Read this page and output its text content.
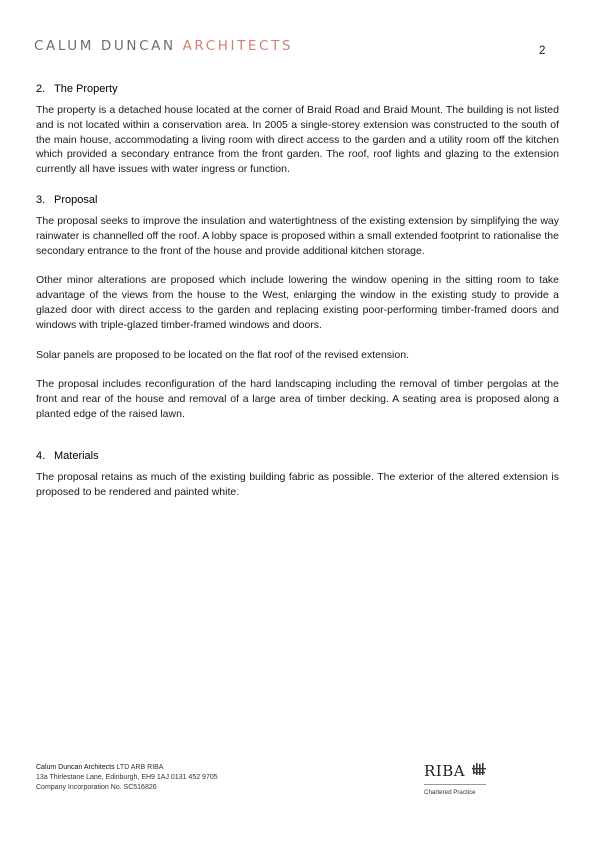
CALUM DUNCAN ARCHITECTS	2
2. The Property

The property is a detached house located at the corner of Braid Road and Braid Mount. The building is not listed and is not located within a conservation area. In 2005 a single-storey extension was constructed to the south of the main house, accommodating a living room with direct access to the garden and a utility room off the kitchen which provided a secondary entrance from the front garden. The roof, roof lights and glazing to the extension currently all have issues with water ingress or function.

3. Proposal

The proposal seeks to improve the insulation and watertightness of the existing extension by simplifying the way rainwater is channelled off the roof. A lobby space is proposed within a small extended footprint to rationalise the secondary entrance to the front of the house and provide additional kitchen storage.

Other minor alterations are proposed which include lowering the window opening in the sitting room to take advantage of the views from the house to the West, enlarging the window in the existing study to provide a glazed door with direct access to the garden and replacing existing poor-performing timber-framed doors and windows with triple-glazed timber-framed windows and doors.

Solar panels are proposed to be located on the flat roof of the revised extension.

The proposal includes reconfiguration of the hard landscaping including the removal of timber pergolas at the front and rear of the house and removal of a large area of timber decking. A seating area is proposed along a planted edge of the raised lawn.

4. Materials

The proposal retains as much of the existing building fabric as possible. The exterior of the altered extension is proposed to be rendered and painted white.

Calum Duncan Architects LTD ARB RIBA
13a Thirlestane Lane, Edinburgh, EH9 1AJ 0131 452 9705
Company Incorporation No. SC516826
RIBA
Chartered Practice
